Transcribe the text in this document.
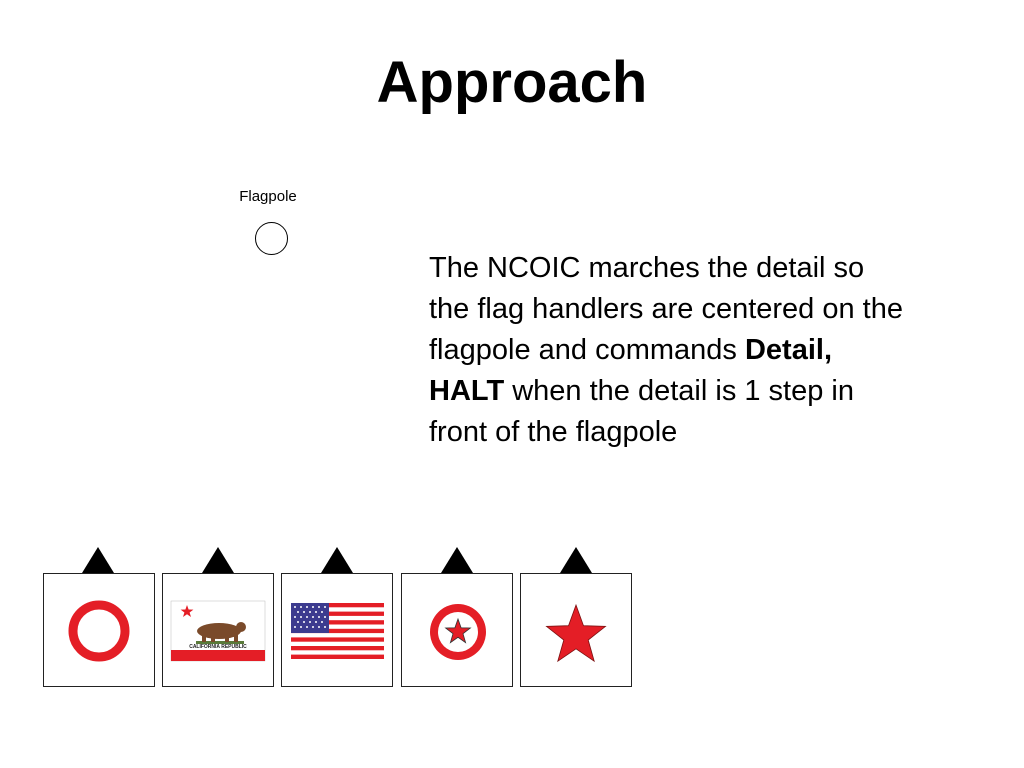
Approach
Flagpole
The NCOIC marches the detail so the flag handlers are centered on the flagpole and commands Detail, HALT when the detail is 1 step in front of the flagpole
CALIFORNIA REPUBLIC
